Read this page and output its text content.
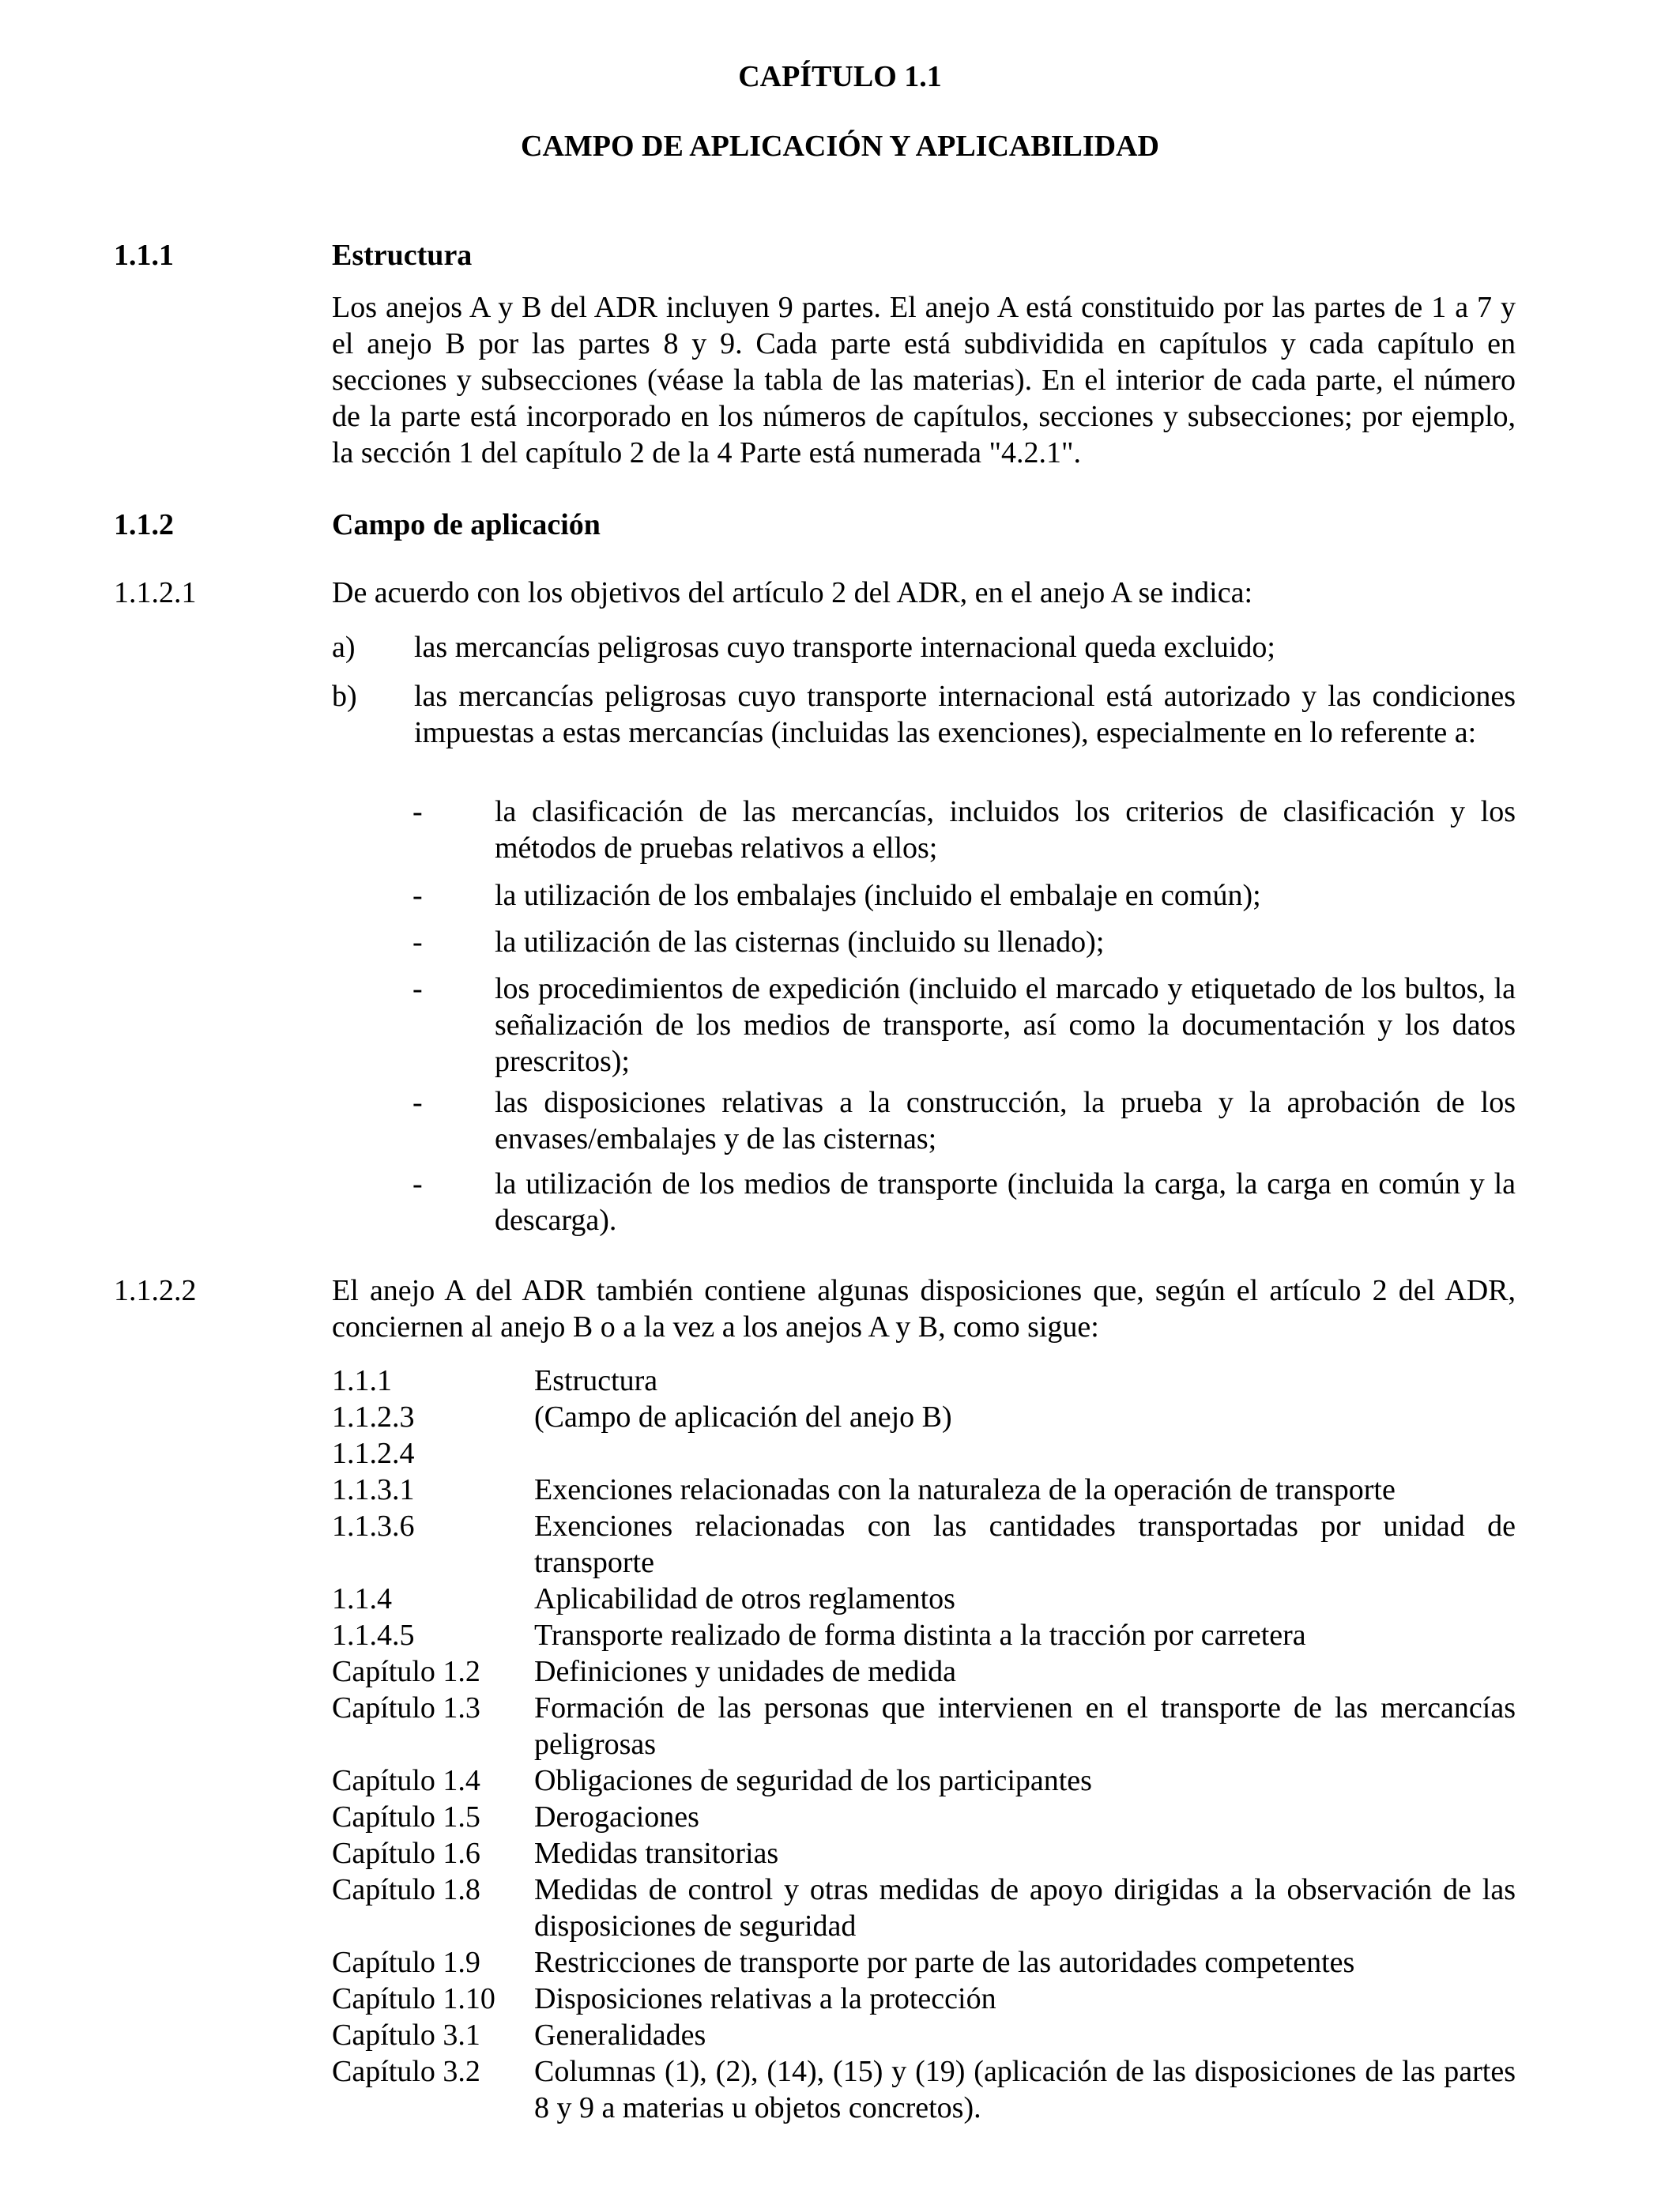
CAPÍTULO 1.1
CAMPO DE APLICACIÓN Y APLICABILIDAD
1.1.1	Estructura
Los anejos A y B del ADR incluyen 9 partes. El anejo A está constituido por las partes de 1 a 7 y el anejo B por las partes 8 y 9. Cada parte está subdividida en capítulos y cada capítulo en secciones y subsecciones (véase la tabla de las materias). En el interior de cada parte, el número de la parte está incorporado en los números de capítulos, secciones y subsecciones; por ejemplo, la sección 1 del capítulo 2 de la 4 Parte está numerada "4.2.1".
1.1.2	Campo de aplicación
1.1.2.1	De acuerdo con los objetivos del artículo 2 del ADR, en el anejo A se indica:
a) las mercancías peligrosas cuyo transporte internacional queda excluido;
b) las mercancías peligrosas cuyo transporte internacional está autorizado y las condiciones impuestas a estas mercancías (incluidas las exenciones), especialmente en lo referente a:
- la clasificación de las mercancías, incluidos los criterios de clasificación y los métodos de pruebas relativos a ellos;
- la utilización de los embalajes (incluido el embalaje en común);
- la utilización de las cisternas (incluido su llenado);
- los procedimientos de expedición (incluido el marcado y etiquetado de los bultos, la señalización de los medios de transporte, así como la documentación y los datos prescritos);
- las disposiciones relativas a la construcción, la prueba y la aprobación de los envases/embalajes y de las cisternas;
- la utilización de los medios de transporte (incluida la carga, la carga en común y la descarga).
1.1.2.2	El anejo A del ADR también contiene algunas disposiciones que, según el artículo 2 del ADR, conciernen al anejo B o a la vez a los anejos A y B, como sigue:
1.1.1	Estructura
1.1.2.3	(Campo de aplicación del anejo B)
1.1.2.4
1.1.3.1	Exenciones relacionadas con la naturaleza de la operación de transporte
1.1.3.6	Exenciones relacionadas con las cantidades transportadas por unidad de transporte
1.1.4	Aplicabilidad de otros reglamentos
1.1.4.5	Transporte realizado de forma distinta a la tracción por carretera
Capítulo 1.2 Definiciones y unidades de medida
Capítulo 1.3 Formación de las personas que intervienen en el transporte de las mercancías peligrosas
Capítulo 1.4 Obligaciones de seguridad de los participantes
Capítulo 1.5 Derogaciones
Capítulo 1.6 Medidas transitorias
Capítulo 1.8 Medidas de control y otras medidas de apoyo dirigidas a la observación de las disposiciones de seguridad
Capítulo 1.9 Restricciones de transporte por parte de las autoridades competentes
Capítulo 1.10 Disposiciones relativas a la protección
Capítulo 3.1 Generalidades
Capítulo 3.2 Columnas (1), (2), (14), (15) y (19) (aplicación de las disposiciones de las partes 8 y 9 a materias u objetos concretos).
